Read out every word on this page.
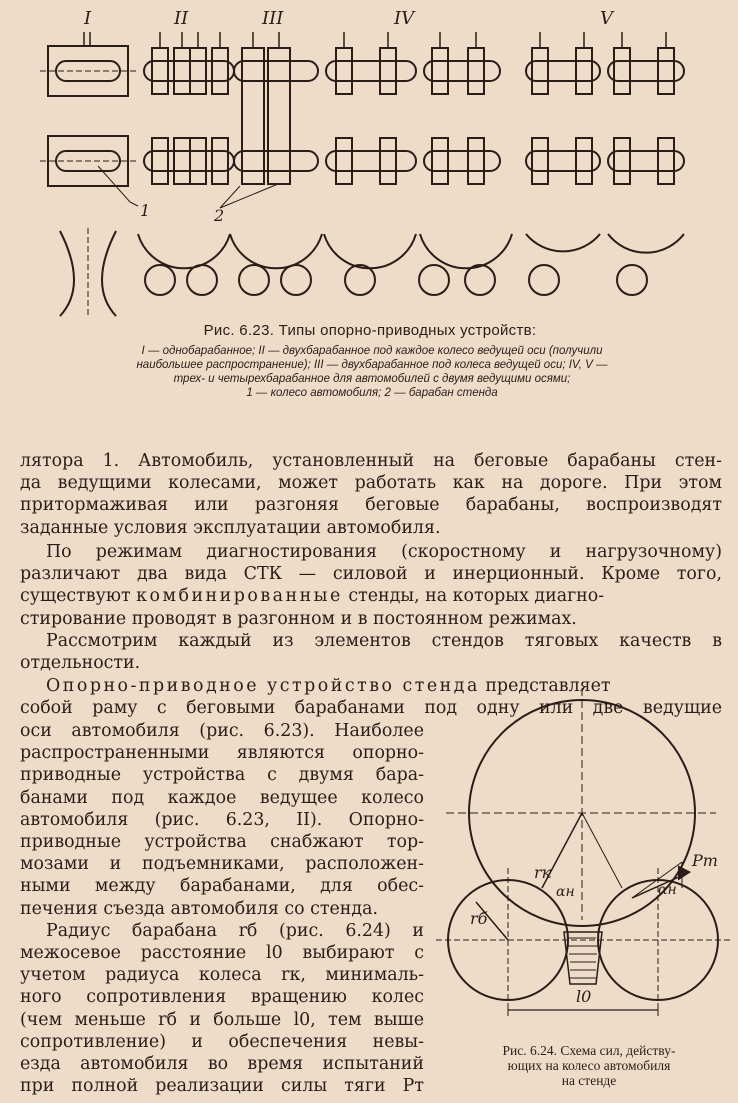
I	II	III	IV	V
1	2
Рис. 6.23. Типы опорно-приводных устройств:
I — однобарабанное; II — двухбарабанное под каждое колесо ведущей оси (получили
наибольшее распространение); III — двухбарабанное под колеса ведущей оси; IV, V —
трех- и четырехбарабанное для автомобилей с двумя ведущими осями;
1 — колесо автомобиля; 2 — барабан стенда
лятора 1. Автомобиль, установленный на беговые барабаны стен-
да ведущими колесами, может работать как на дороге. При этом
притормаживая или разгоняя беговые барабаны, воспроизводят
заданные условия эксплуатации автомобиля.
По режимам диагностирования (скоростному и нагрузочному)
различают два вида СТК — силовой и инерционный. Кроме того,
существуют комбинированные стенды, на которых диагно-
стирование проводят в разгонном и в постоянном режимах.
Рассмотрим каждый из элементов стендов тяговых качеств в
отдельности.
Опорно-приводное устройство стенда представляет
собой раму с беговыми барабанами под одну или две ведущие
оси автомобиля (рис. 6.23). Наиболее
распространенными являются опорно-
приводные устройства с двумя бара-
банами под каждое ведущее колесо
автомобиля (рис. 6.23, II). Опорно-
приводные устройства снабжают тор-
мозами и подъемниками, расположен-
ными между барабанами, для обес-
печения съезда автомобиля со стенда.
Радиус барабана rб (рис. 6.24) и
межосевое расстояние l0 выбирают с
учетом радиуса колеса rк, минималь-
ного сопротивления вращению колес
(чем меньше rб и больше l0, тем выше
сопротивление) и обеспечения невы-
езда автомобиля во время испытаний
при полной реализации силы тяги Pт
rк
αн
Pт
αн
rб
l0
Рис. 6.24. Схема сил, действу-
ющих на колесо автомобиля
на стенде
